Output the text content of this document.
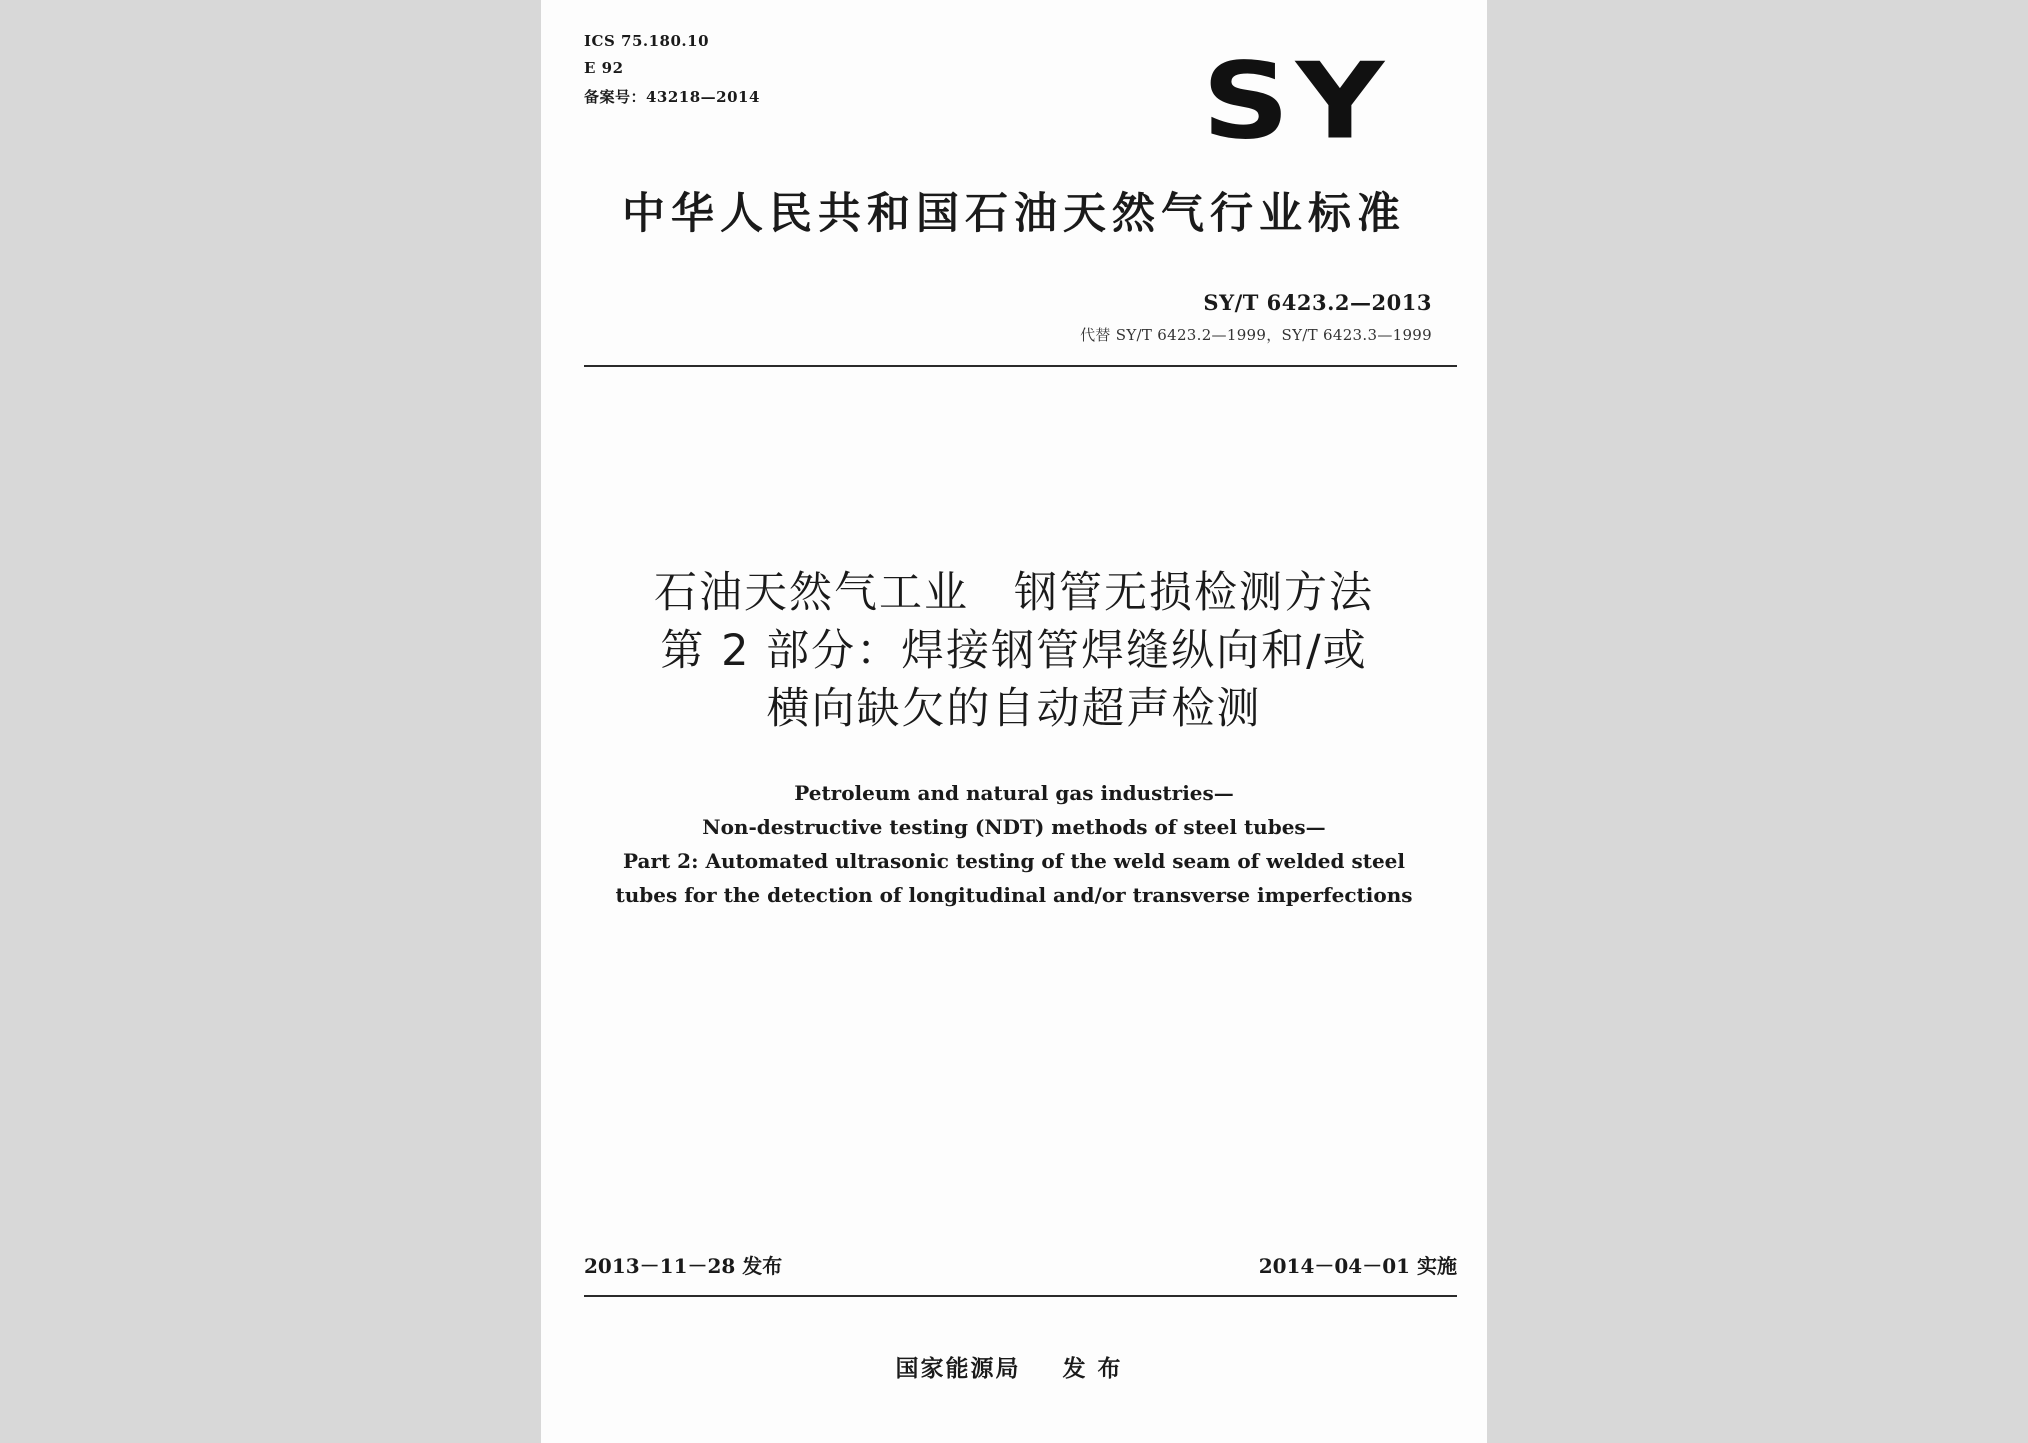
ICS 75.180.10
E 92
备案号：43218—2014	SY
中华人民共和国石油天然气行业标准
SY/T 6423.2—2013
代替 SY/T 6423.2—1999，SY/T 6423.3—1999
石油天然气工业　钢管无损检测方法
第 2 部分：焊接钢管焊缝纵向和/或
横向缺欠的自动超声检测
Petroleum and natural gas industries—
Non-destructive testing (NDT) methods of steel tubes—
Part 2: Automated ultrasonic testing of the weld seam of welded steel
tubes for the detection of longitudinal and/or transverse imperfections
2013－11－28 发布	2014－04－01 实施
国家能源局 发布
